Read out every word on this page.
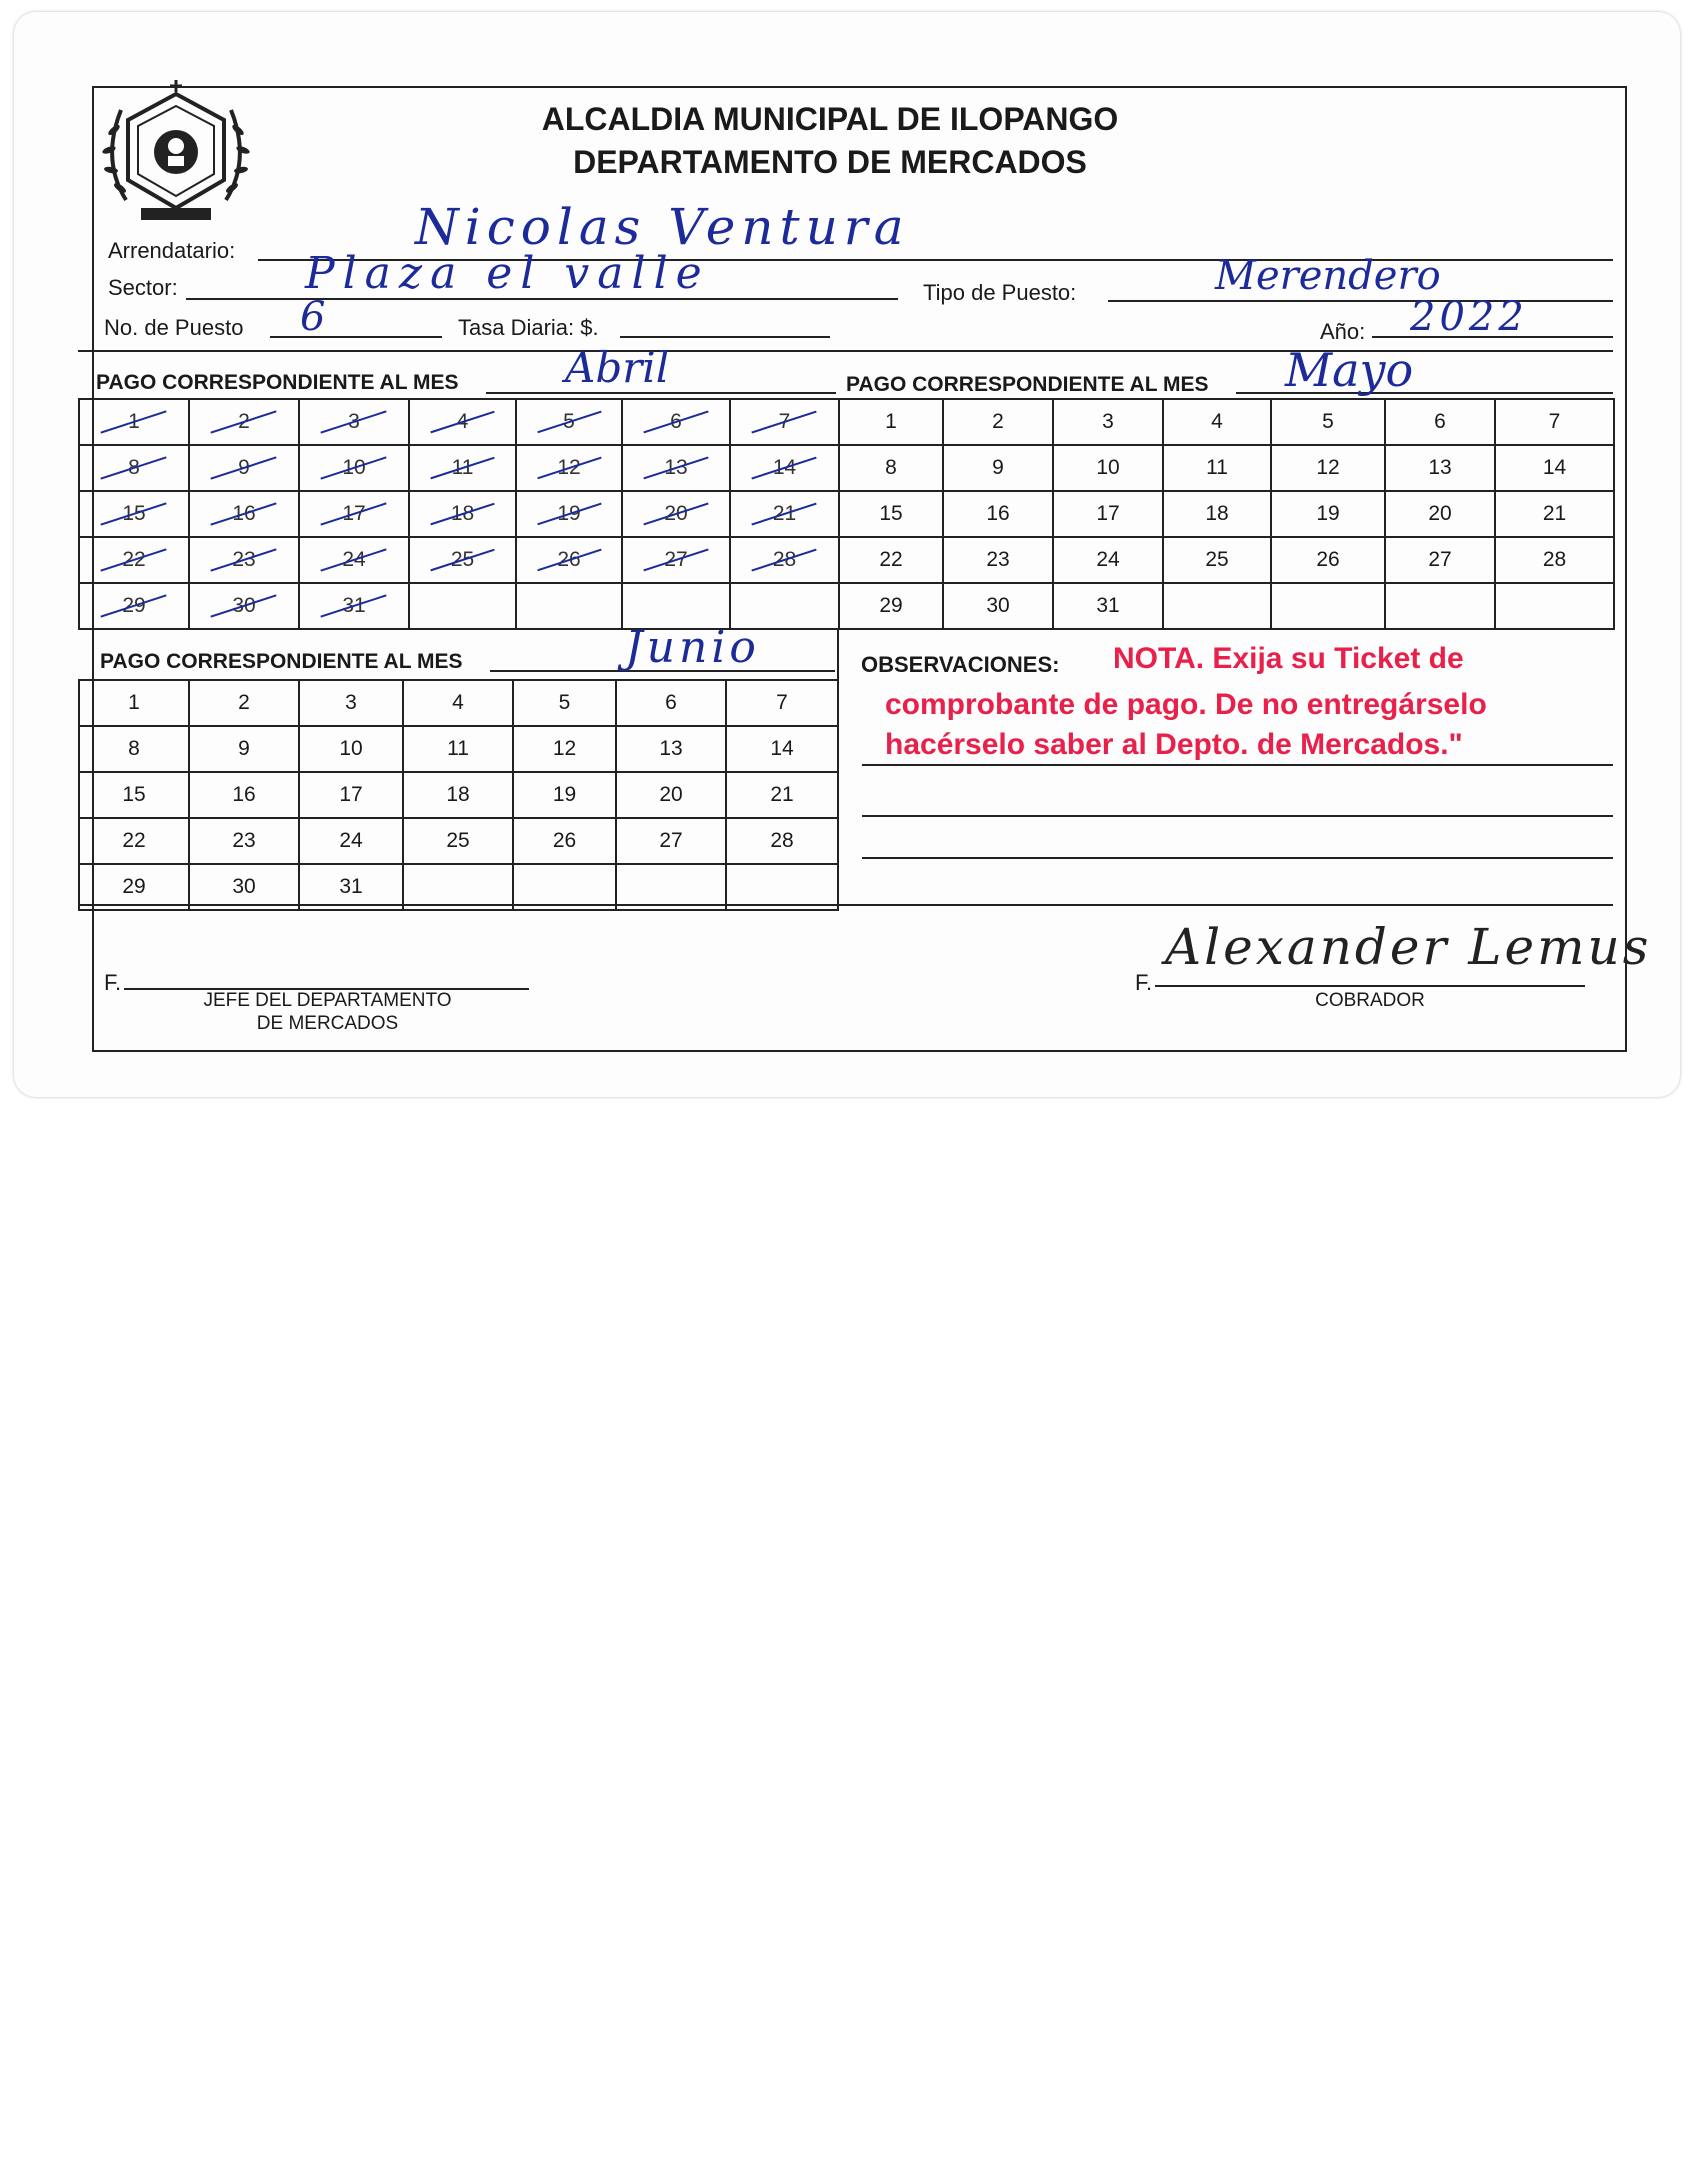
ALCALDIA MUNICIPAL DE ILOPANGO
DEPARTAMENTO DE MERCADOS
Arrendatario:	Nicolas Ventura
Sector:	Plaza el valle	Tipo de Puesto:	Merendero
No. de Puesto 6	Tasa Diaria: $.	Año: 2022
PAGO CORRESPONDIENTE AL MES	Abril	PAGO CORRESPONDIENTE AL MES Mayo
1	2	3	4	5	6	7
8	9	10	11	12	13	14
15	16	17	18	19	20	21
22	23	24	25	26	27	28
29	30	31				
1	2	3	4	5	6	7
8	9	10	11	12	13	14
15	16	17	18	19	20	21
22	23	24	25	26	27	28
29	30	31				
PAGO CORRESPONDIENTE AL MES	Junio
1	2	3	4	5	6	7
8	9	10	11	12	13	14
15	16	17	18	19	20	21
22	23	24	25	26	27	28
29	30	31				
OBSERVACIONES: NOTA. Exija su Ticket de
comprobante de pago. De no entregárselo
hacérselo saber al Depto. de Mercados."
F.
JEFE DEL DEPARTAMENTO
DE MERCADOS
F.
Alexander Lemus
COBRADOR
